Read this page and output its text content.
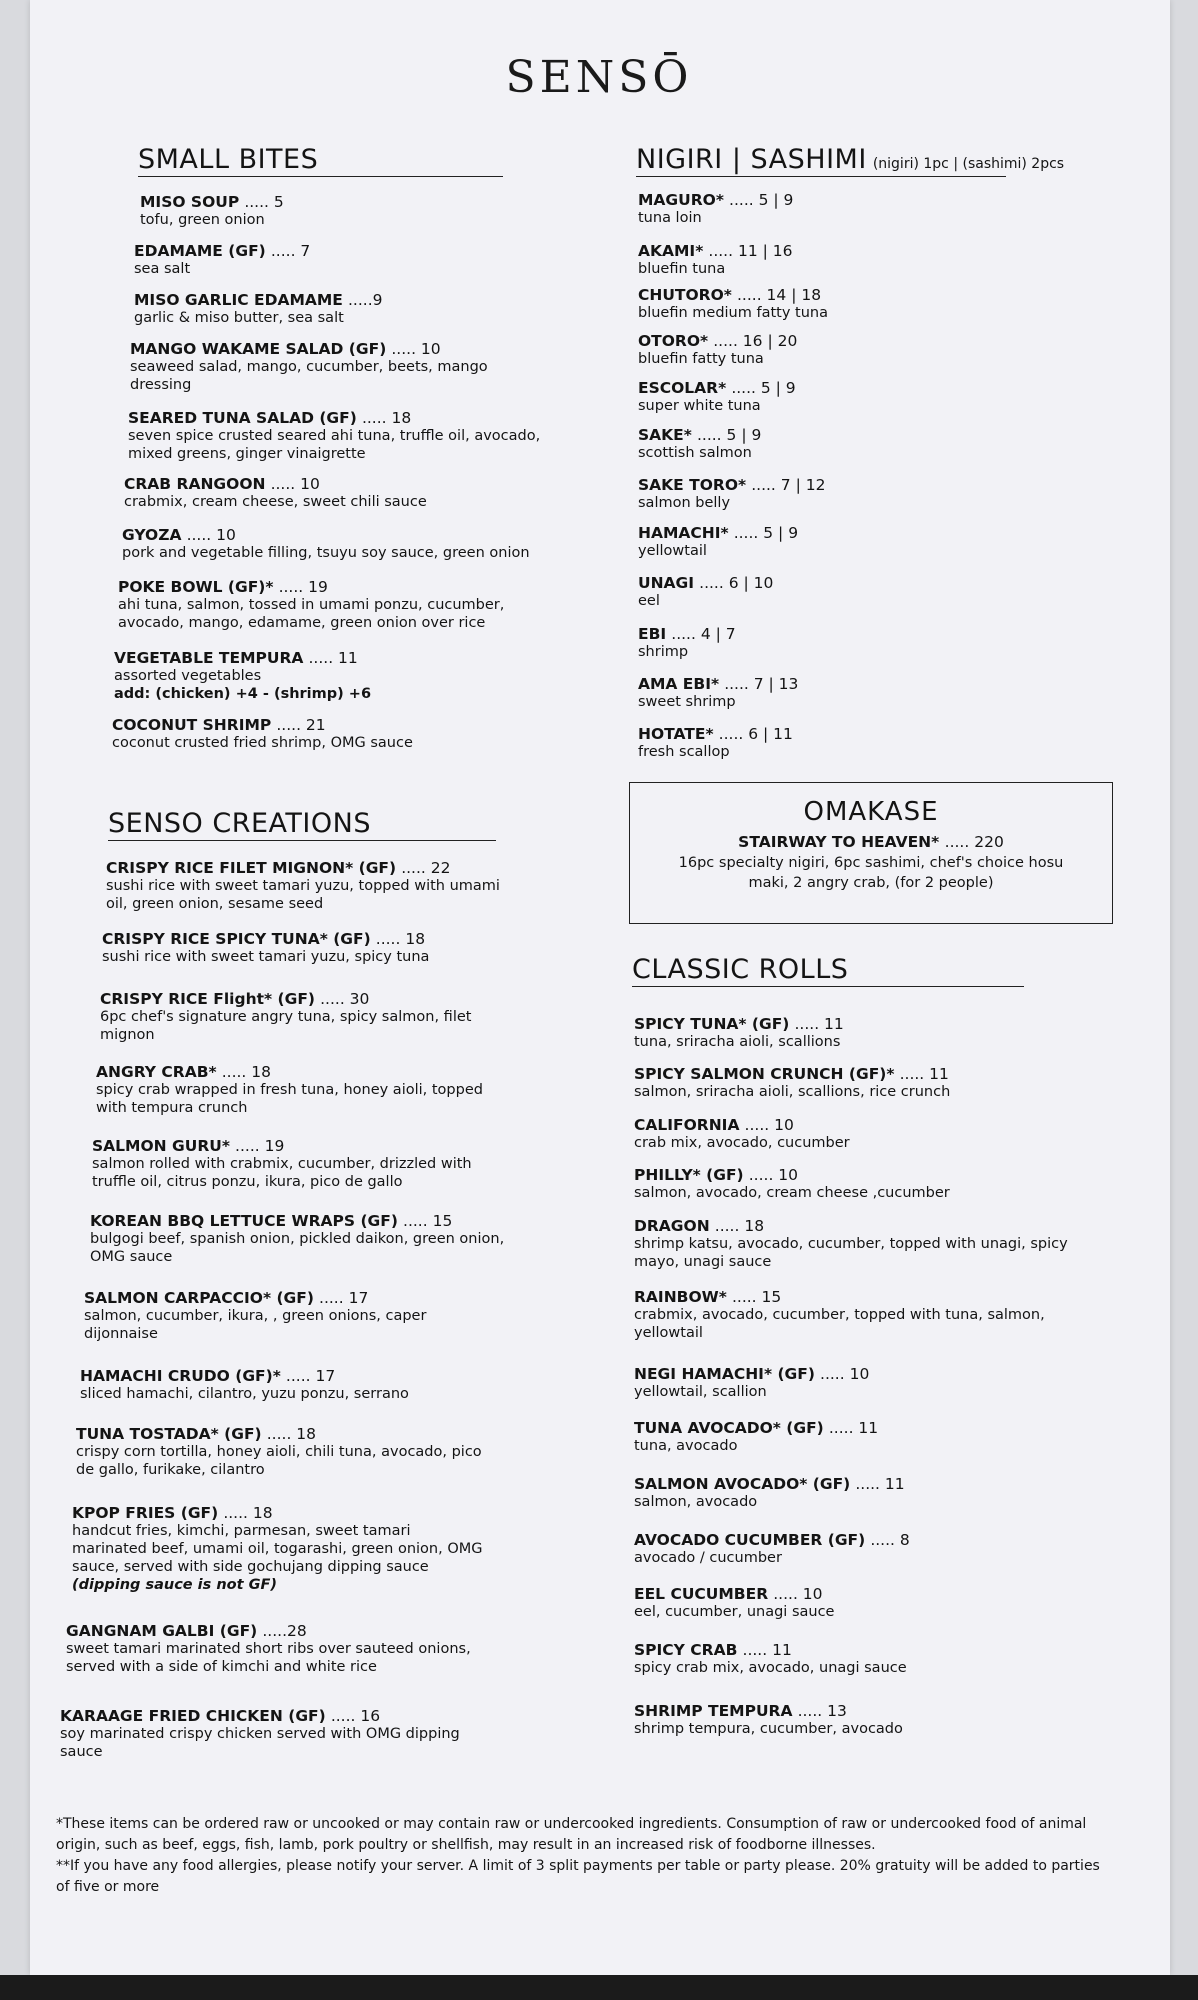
SENSŌ
SMALL BITES
MISO SOUP ..... 5
tofu, green onion
EDAMAME (GF) ..... 7
sea salt
MISO GARLIC EDAMAME .....9
garlic & miso butter, sea salt
MANGO WAKAME SALAD (GF) ..... 10
seaweed salad, mango, cucumber, beets, mango
dressing
SEARED TUNA SALAD (GF) ..... 18
seven spice crusted seared ahi tuna, truffle oil, avocado,
mixed greens, ginger vinaigrette
CRAB RANGOON ..... 10
crabmix, cream cheese, sweet chili sauce
GYOZA ..... 10
pork and vegetable filling, tsuyu soy sauce, green onion
POKE BOWL (GF)* ..... 19
ahi tuna, salmon, tossed in umami ponzu, cucumber,
avocado, mango, edamame, green onion over rice
VEGETABLE TEMPURA ..... 11
assorted vegetables
add: (chicken) +4 - (shrimp) +6
COCONUT SHRIMP ..... 21
coconut crusted fried shrimp, OMG sauce
NIGIRI | SASHIMI (nigiri) 1pc | (sashimi) 2pcs
MAGURO* ..... 5 | 9
tuna loin
AKAMI* ..... 11 | 16
bluefin tuna
CHUTORO* ..... 14 | 18
bluefin medium fatty tuna
OTORO* ..... 16 | 20
bluefin fatty tuna
ESCOLAR* ..... 5 | 9
super white tuna
SAKE* ..... 5 | 9
scottish salmon
SAKE TORO* ..... 7 | 12
salmon belly
HAMACHI* ..... 5 | 9
yellowtail
UNAGI ..... 6 | 10
eel
EBI ..... 4 | 7
shrimp
AMA EBI* ..... 7 | 13
sweet shrimp
HOTATE* ..... 6 | 11
fresh scallop
SENSO CREATIONS
CRISPY RICE FILET MIGNON* (GF) ..... 22
sushi rice with sweet tamari yuzu, topped with umami
oil, green onion, sesame seed
CRISPY RICE SPICY TUNA* (GF) ..... 18
sushi rice with sweet tamari yuzu, spicy tuna
CRISPY RICE Flight* (GF) ..... 30
6pc chef's signature angry tuna, spicy salmon, filet
mignon
ANGRY CRAB* ..... 18
spicy crab wrapped in fresh tuna, honey aioli, topped
with tempura crunch
SALMON GURU* ..... 19
salmon rolled with crabmix, cucumber, drizzled with
truffle oil, citrus ponzu, ikura, pico de gallo
KOREAN BBQ LETTUCE WRAPS (GF) ..... 15
bulgogi beef, spanish onion, pickled daikon, green onion,
OMG sauce
SALMON CARPACCIO* (GF) ..... 17
salmon, cucumber, ikura, , green onions, caper
dijonnaise
HAMACHI CRUDO (GF)* ..... 17
sliced hamachi, cilantro, yuzu ponzu, serrano
TUNA TOSTADA* (GF) ..... 18
crispy corn tortilla, honey aioli, chili tuna, avocado, pico
de gallo, furikake, cilantro
KPOP FRIES (GF) ..... 18
handcut fries, kimchi, parmesan, sweet tamari
marinated beef, umami oil, togarashi, green onion, OMG
sauce, served with side gochujang dipping sauce
(dipping sauce is not GF)
GANGNAM GALBI (GF) .....28
sweet tamari marinated short ribs over sauteed onions,
served with a side of kimchi and white rice
KARAAGE FRIED CHICKEN (GF) ..... 16
soy marinated crispy chicken served with OMG dipping
sauce
OMAKASE
STAIRWAY TO HEAVEN* ..... 220
16pc specialty nigiri, 6pc sashimi, chef's choice hosu
maki, 2 angry crab, (for 2 people)
CLASSIC ROLLS
SPICY TUNA* (GF) ..... 11
tuna, sriracha aioli, scallions
SPICY SALMON CRUNCH (GF)* ..... 11
salmon, sriracha aioli, scallions, rice crunch
CALIFORNIA ..... 10
crab mix, avocado, cucumber
PHILLY* (GF) ..... 10
salmon, avocado, cream cheese ,cucumber
DRAGON ..... 18
shrimp katsu, avocado, cucumber, topped with unagi, spicy
mayo, unagi sauce
RAINBOW* ..... 15
crabmix, avocado, cucumber, topped with tuna, salmon,
yellowtail
NEGI HAMACHI* (GF) ..... 10
yellowtail, scallion
TUNA AVOCADO* (GF) ..... 11
tuna, avocado
SALMON AVOCADO* (GF) ..... 11
salmon, avocado
AVOCADO CUCUMBER (GF) ..... 8
avocado / cucumber
EEL CUCUMBER ..... 10
eel, cucumber, unagi sauce
SPICY CRAB ..... 11
spicy crab mix, avocado, unagi sauce
SHRIMP TEMPURA ..... 13
shrimp tempura, cucumber, avocado
*These items can be ordered raw or uncooked or may contain raw or undercooked ingredients. Consumption of raw or undercooked food of animal
origin, such as beef, eggs, fish, lamb, pork poultry or shellfish, may result in an increased risk of foodborne illnesses.
**If you have any food allergies, please notify your server. A limit of 3 split payments per table or party please. 20% gratuity will be added to parties
of five or more
